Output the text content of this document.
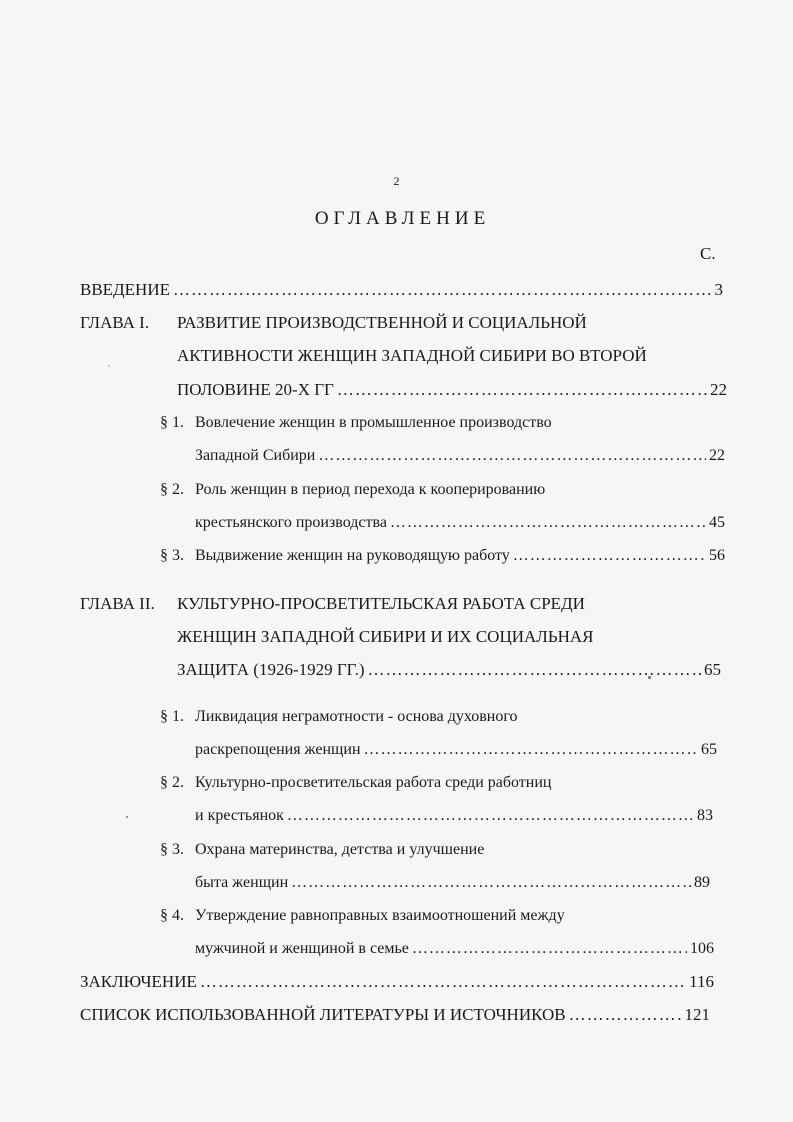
2
ОГЛАВЛЕНИЕ
С.
ВВЕДЕНИЕ ……………………………………………………………………………………………………………………………………………………………	3
ГЛАВА I. РАЗВИТИЕ ПРОИЗВОДСТВЕННОЙ И СОЦИАЛЬНОЙ
АКТИВНОСТИ ЖЕНЩИН ЗАПАДНОЙ СИБИРИ ВО ВТОРОЙ
ПОЛОВИНЕ 20-Х ГГ ……………………………………………………………………………………………………………………………………………………………	22
§ 1. Вовлечение женщин в промышленное производство
Западной Сибири ……………………………………………………………………………………………………………………………………………………………	22
§ 2. Роль женщин в период перехода к кооперированию
крестьянского производства ……………………………………………………………………………………………………………………………………………………………	45
§ 3. Выдвижение женщин на руководящую работу ……………………………………………………………………………………………………………………………………………………………	56
ГЛАВА II. КУЛЬТУРНО-ПРОСВЕТИТЕЛЬСКАЯ РАБОТА СРЕДИ
ЖЕНЩИН ЗАПАДНОЙ СИБИРИ И ИХ СОЦИАЛЬНАЯ
ЗАЩИТА (1926-1929 ГГ.) ……………………………………………………………………………………………………………………………………………………………	65
§ 1. Ликвидация неграмотности - основа духовного
раскрепощения женщин ……………………………………………………………………………………………………………………………………………………………	65
§ 2. Культурно-просветительская работа среди работниц
и крестьянок ……………………………………………………………………………………………………………………………………………………………	83
§ 3. Охрана материнства, детства и улучшение
быта женщин ……………………………………………………………………………………………………………………………………………………………	89
§ 4. Утверждение равноправных взаимоотношений между
мужчиной и женщиной в семье ……………………………………………………………………………………………………………………………………………………………	106
ЗАКЛЮЧЕНИЕ ……………………………………………………………………………………………………………………………………………………………	116
СПИСОК ИСПОЛЬЗОВАННОЙ ЛИТЕРАТУРЫ И ИСТОЧНИКОВ ……………………………………………………………………………………………………………………………………………………………	121
